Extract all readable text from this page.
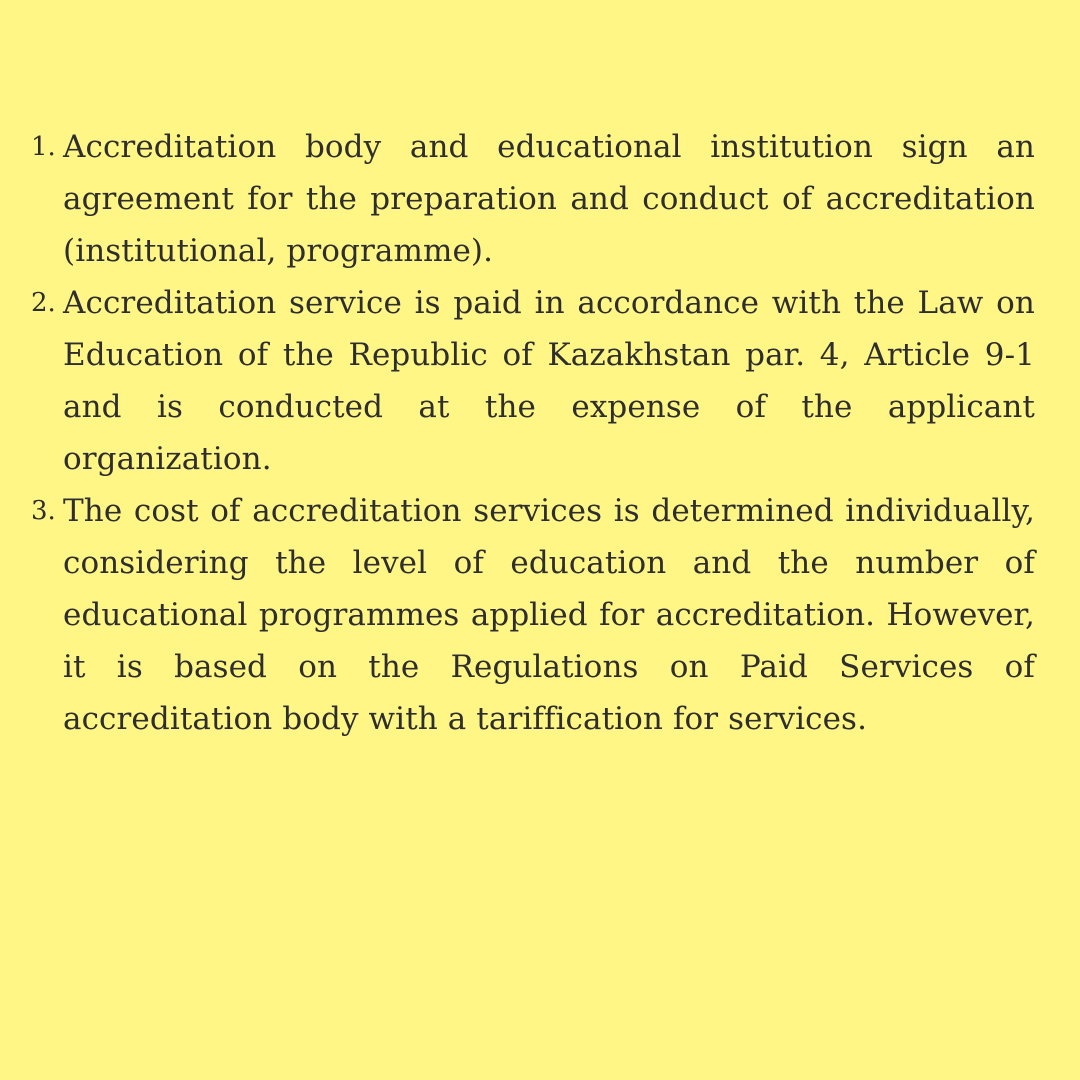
1. Accreditation body and educational institution sign an agreement for the preparation and conduct of accreditation (institutional, programme).
2. Accreditation service is paid in accordance with the Law on Education of the Republic of Kazakhstan par. 4, Article 9-1 and is conducted at the expense of the applicant organization.
3. The cost of accreditation services is determined individually, considering the level of education and the number of educational programmes applied for accreditation. However, it is based on the Regulations on Paid Services of accreditation body with a tariffication for services.
